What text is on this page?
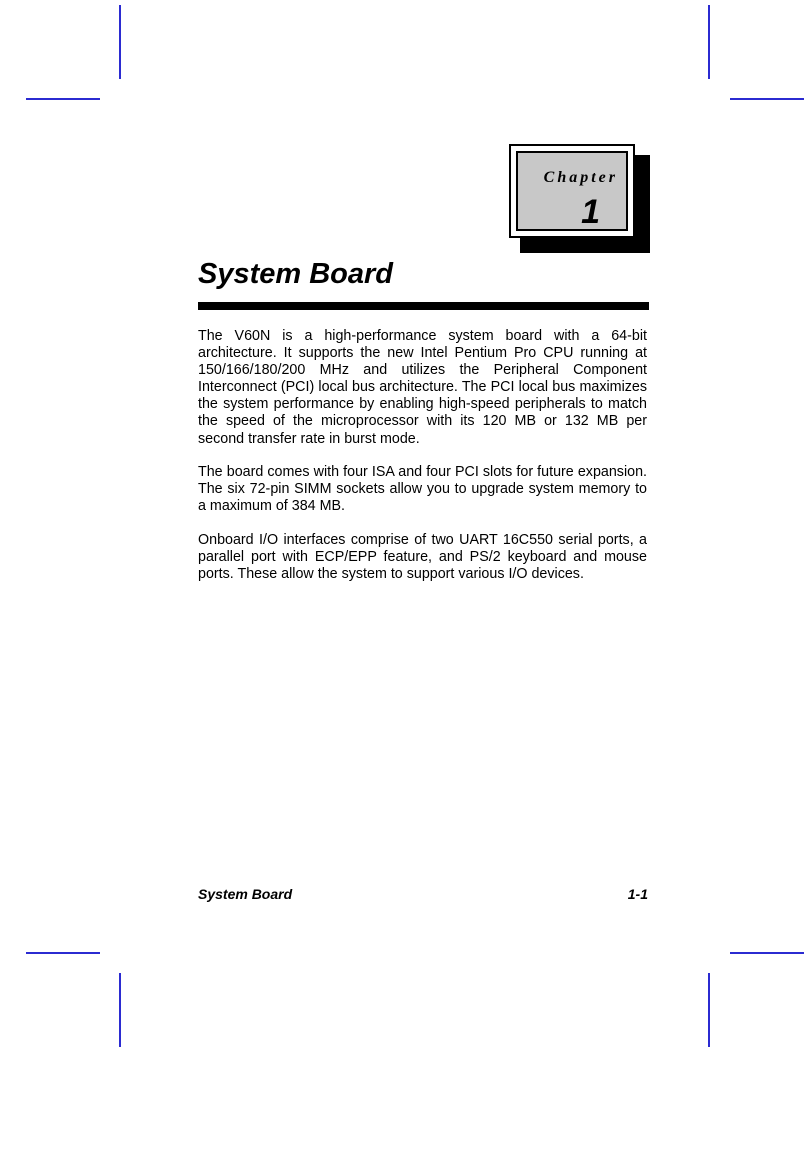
Chapter
1
System Board

The V60N is a high-performance system board with a 64-bit architecture. It supports the new Intel Pentium Pro CPU running at 150/166/180/200 MHz and utilizes the Peripheral Component Interconnect (PCI) local bus architecture. The PCI local bus maximizes the system performance by enabling high-speed peripherals to match the speed of the microprocessor with its 120 MB or 132 MB per second transfer rate in burst mode.

The board comes with four ISA and four PCI slots for future expansion. The six 72-pin SIMM sockets allow you to upgrade system memory to a maximum of 384 MB.

Onboard I/O interfaces comprise of two UART 16C550 serial ports, a parallel port with ECP/EPP feature, and PS/2 keyboard and mouse ports. These allow the system to support various I/O devices.

System Board	1-1
